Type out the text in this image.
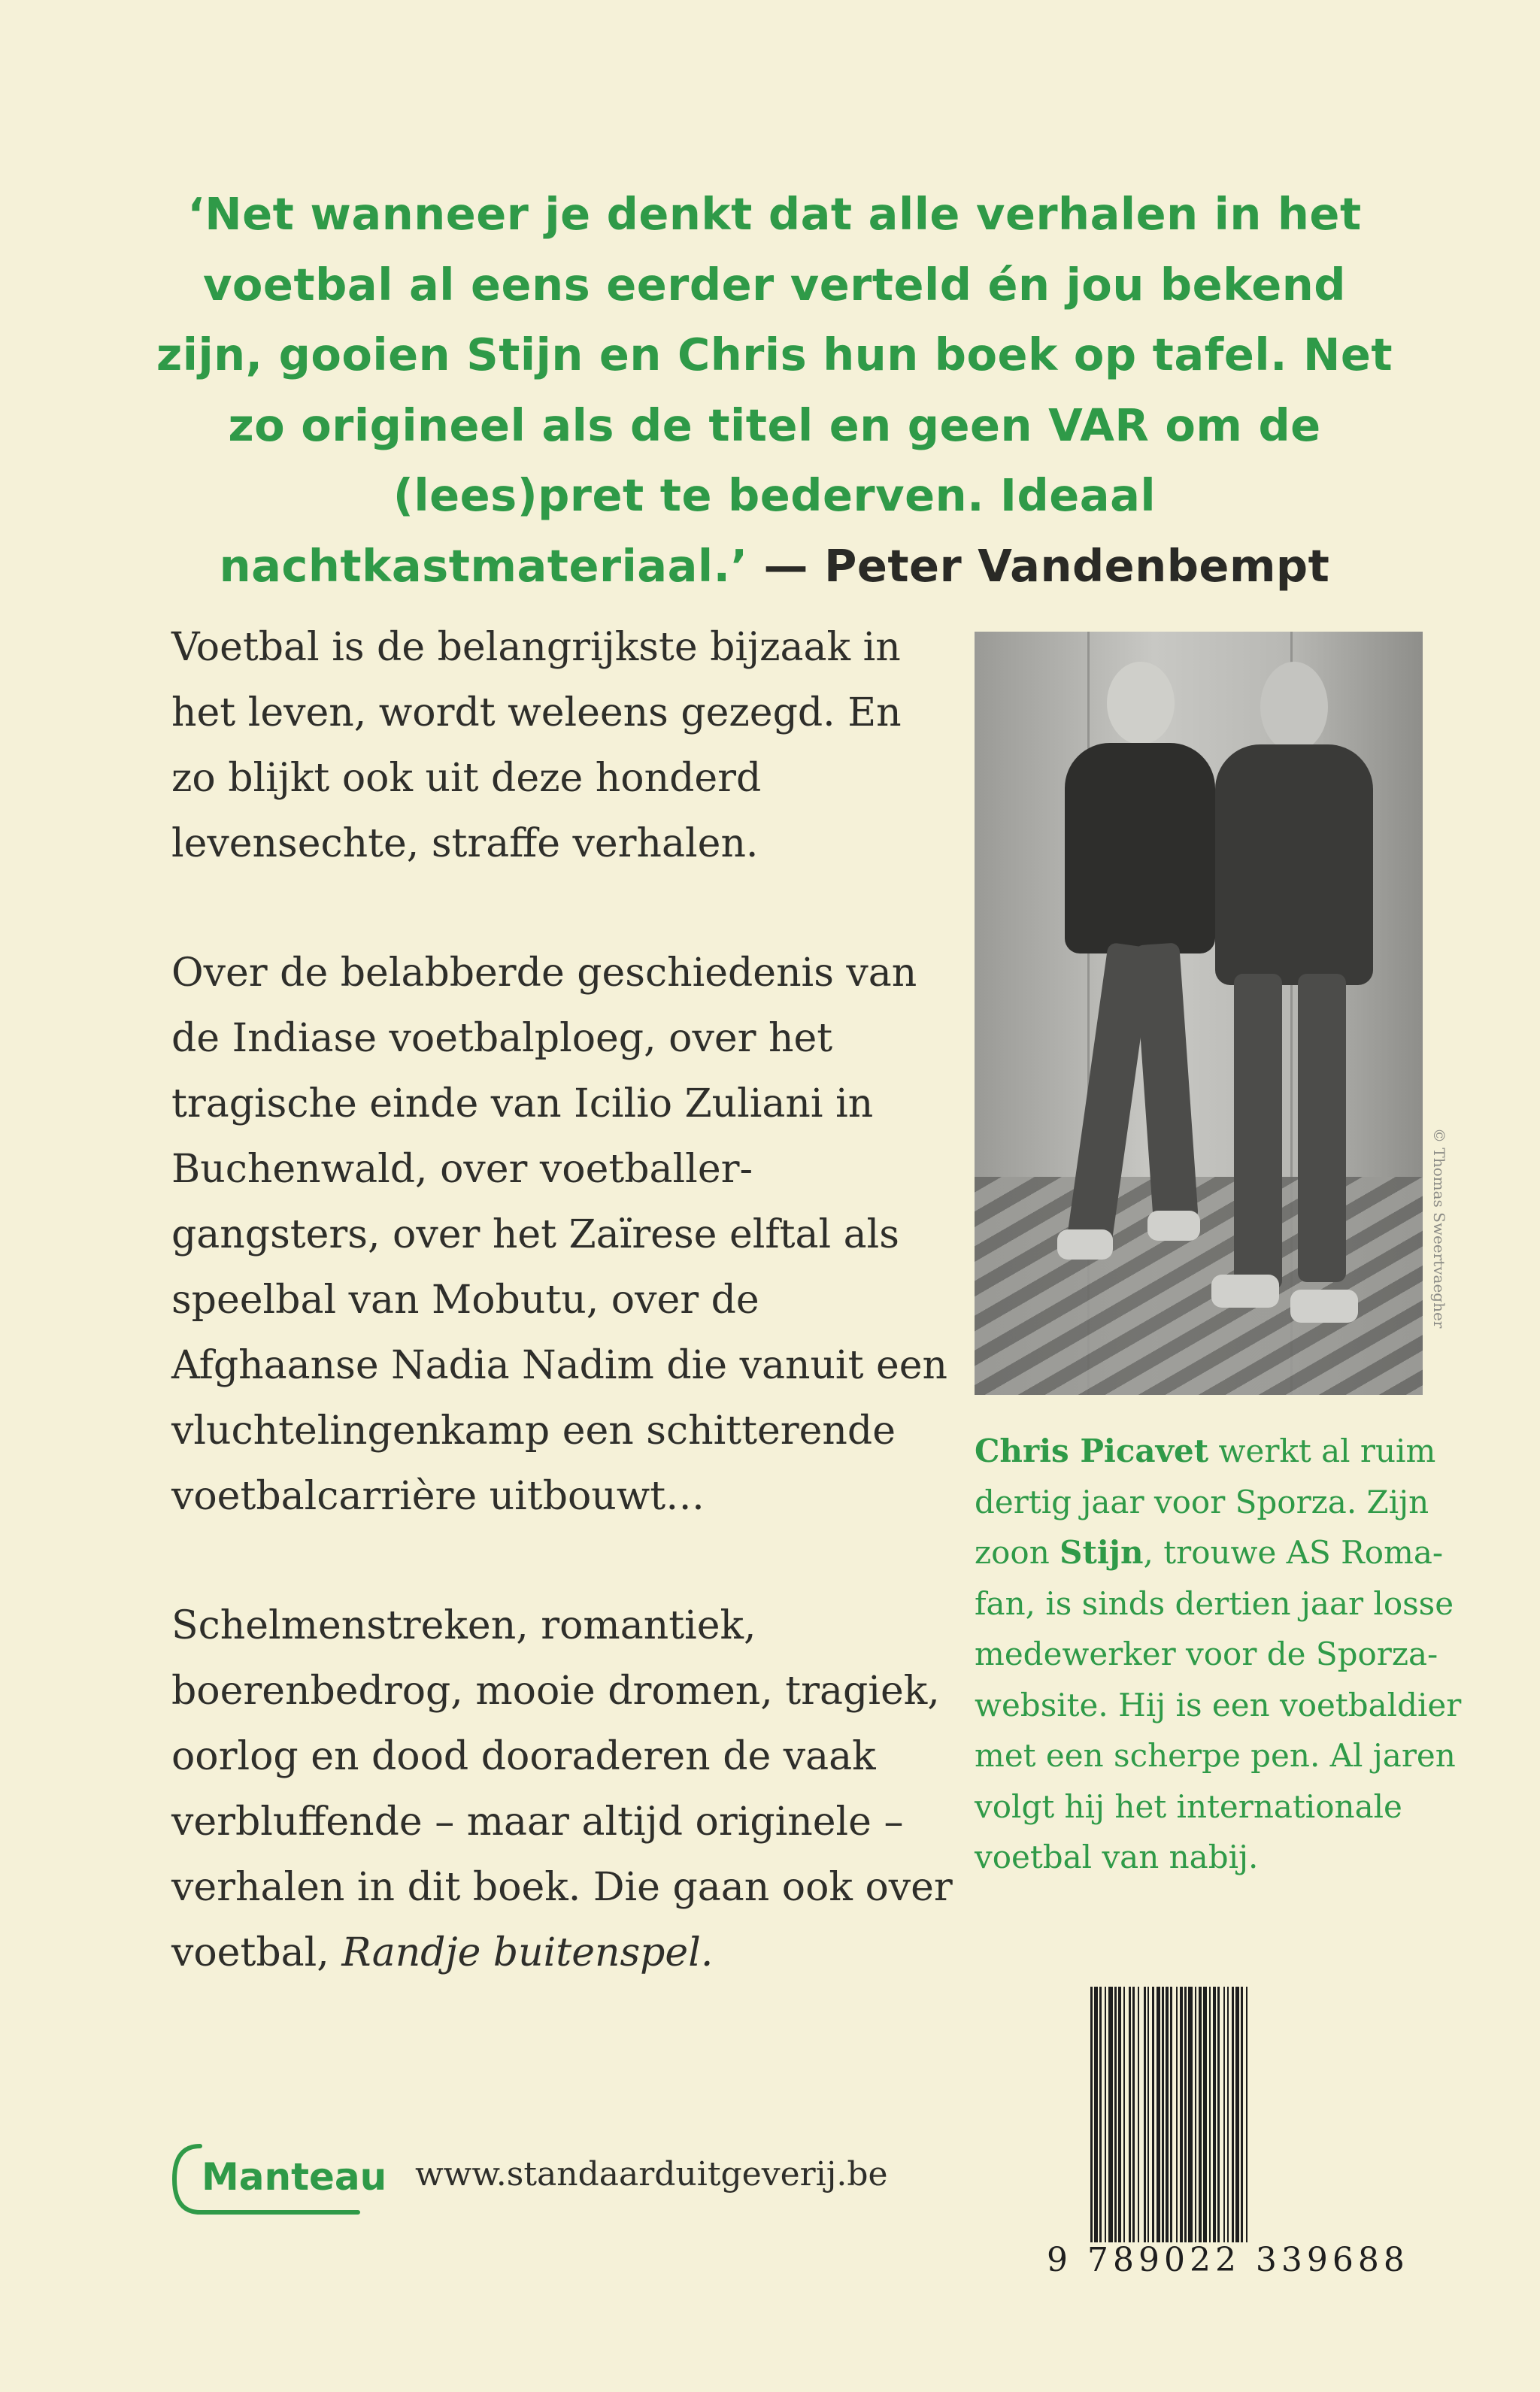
‘Net wanneer je denkt dat alle verhalen in het voetbal al eens eerder verteld én jou bekend zijn, gooien Stijn en Chris hun boek op tafel. Net zo origineel als de titel en geen VAR om de (lees)pret te bederven. Ideaal nachtkastmateriaal.’ — Peter Vandenbempt

Voetbal is de belangrijkste bijzaak in het leven, wordt weleens gezegd. En zo blijkt ook uit deze honderd levensechte, straffe verhalen.

Over de belabberde geschiedenis van de Indiase voetbalploeg, over het tragische einde van Icilio Zuliani in Buchenwald, over voetballer-gangsters, over het Zaïrese elftal als speelbal van Mobutu, over de Afghaanse Nadia Nadim die vanuit een vluchtelingenkamp een schitterende voetbalcarrière uitbouwt…

Schelmenstreken, romantiek, boerenbedrog, mooie dromen, tragiek, oorlog en dood dooraderen de vaak verbluffende – maar altijd originele – verhalen in dit boek. Die gaan ook over voetbal, Randje buitenspel.

© Thomas Sweertvaegher
Chris Picavet werkt al ruim dertig jaar voor Sporza. Zijn zoon Stijn, trouwe AS Roma-fan, is sinds dertien jaar losse medewerker voor de Sporza-website. Hij is een voetbaldier met een scherpe pen. Al jaren volgt hij het internationale voetbal van nabij.
9 789022 339688
Manteau www.standaarduitgeverij.be
